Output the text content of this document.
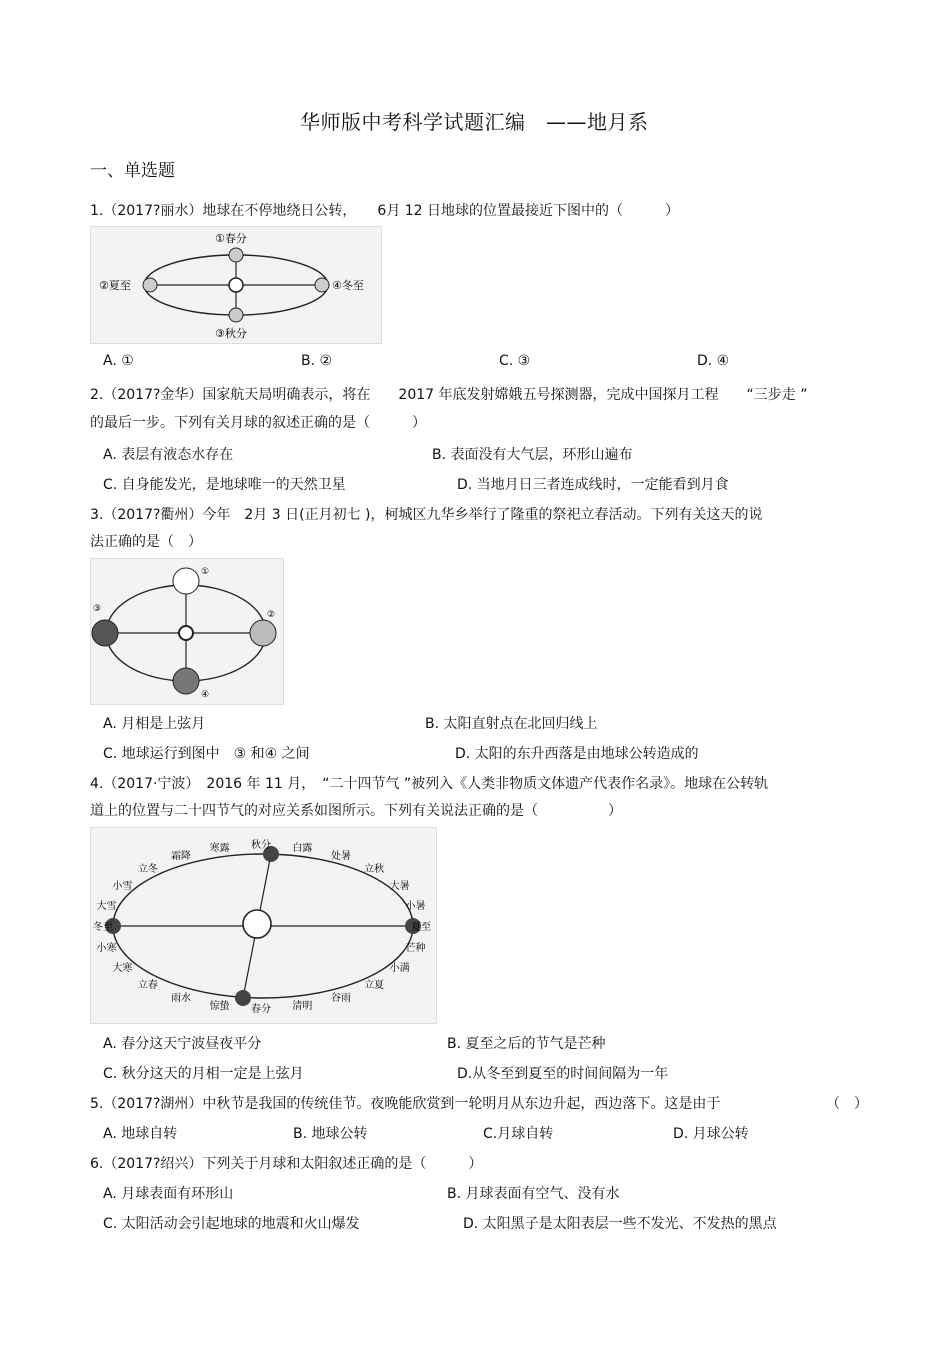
华师版中考科学试题汇编　——地月系
一、单选题
1.（2017?丽水）地球在不停地绕日公转，　　6月 12 日地球的位置最接近下图中的（　　　）
①春分
②夏至
③秋分
④冬至
A. ①	B. ②	C. ③	D. ④
2.（2017?金华）国家航天局明确表示，将在　　2017 年底发射嫦娥五号探测器，完成中国探月工程　　“三步走 ”
的最后一步。下列有关月球的叙述正确的是（　　　）
A. 表层有液态水存在	B. 表面没有大气层，环形山遍布
C. 自身能发光，是地球唯一的天然卫星	D. 当地月日三者连成线时，一定能看到月食
3.（2017?衢州）今年　2月 3 日(正月初七 )，柯城区九华乡举行了隆重的祭祀立春活动。下列有关这天的说
法正确的是（　）
①
②
③
④
A. 月相是上弦月	B. 太阳直射点在北回归线上
C. 地球运行到图中　③ 和④ 之间	D. 太阳的东升西落是由地球公转造成的
4.（2017·宁波）　2016 年 11 月，　“二十四节气 ”被列入《人类非物质文体遗产代表作名录》。地球在公转轨
道上的位置与二十四节气的对应关系如图所示。下列有关说法正确的是（　　　　　）
秋分 白露
处暑
立秋
大暑
小暑
夏至
芒种
小满
立夏
谷雨
清明
春分
惊蛰
雨水
立春
大寒
小寒
冬至
大雪
小雪
立冬
霜降
寒露
A. 春分这天宁波昼夜平分	B. 夏至之后的节气是芒种
C. 秋分这天的月相一定是上弦月	D.从冬至到夏至的时间间隔为一年
5.（2017?湖州）中秋节是我国的传统佳节。夜晚能欣赏到一轮明月从东边升起，西边落下。这是由于	（　）
A. 地球自转	B. 地球公转	C.月球自转	D. 月球公转
6.（2017?绍兴）下列关于月球和太阳叙述正确的是（　　　）
A. 月球表面有环形山	B. 月球表面有空气、没有水
C. 太阳活动会引起地球的地震和火山爆发	D. 太阳黑子是太阳表层一些不发光、不发热的黑点
